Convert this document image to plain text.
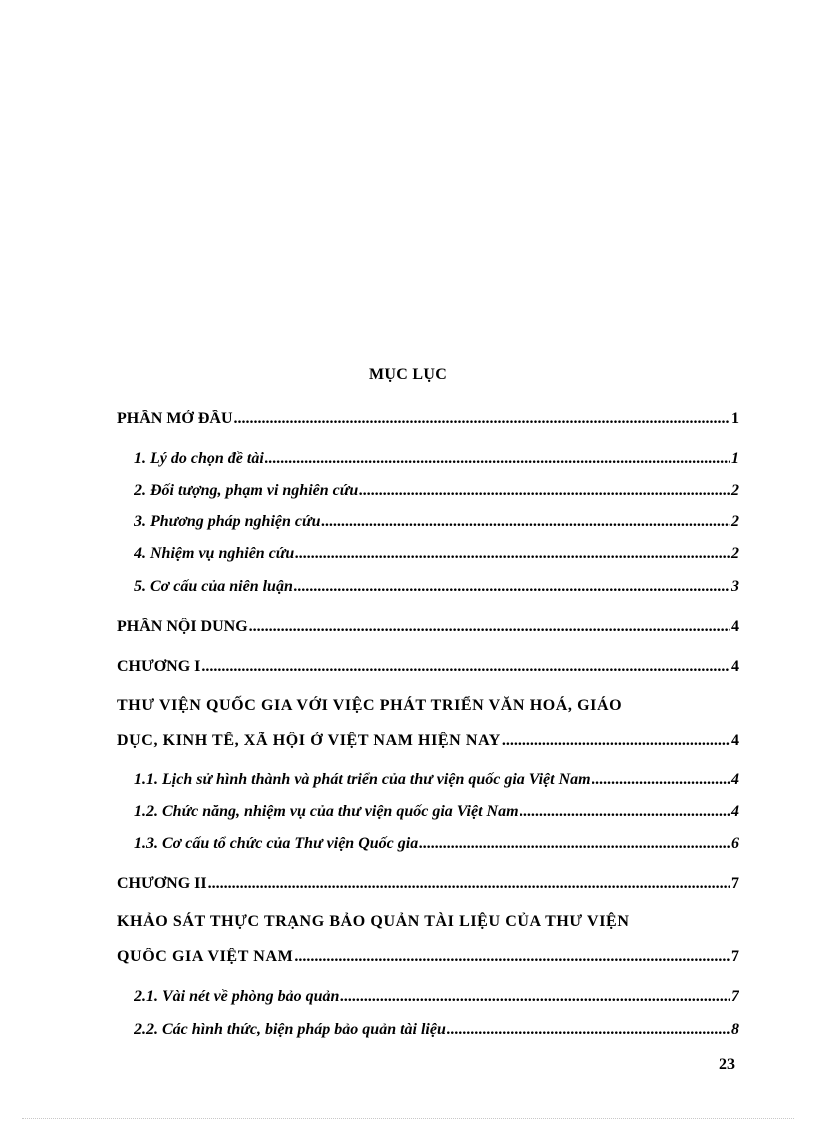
MỤC LỤC
PHẦN MỞ ĐẦU .....	1
1. Lý do chọn đề tài .....	1
2. Đối tượng, phạm vi nghiên cứu .....	2
3. Phương pháp nghiện cứu .....	2
4. Nhiệm vụ nghiên cứu .....	2
5. Cơ cấu của niên luận .....	3
PHẦN NỘI DUNG .....	4
CHƯƠNG I .....	4
THƯ VIỆN QUỐC GIA VỚI VIỆC PHÁT TRIỂN VĂN HOÁ, GIÁO
DỤC, KINH TẾ, XÃ HỘI Ở VIỆT NAM HIỆN NAY .....	4
1.1. Lịch sử hình thành và phát triển của thư viện quốc gia Việt Nam .....	4
1.2. Chức năng, nhiệm vụ của thư viện quốc gia Việt Nam .....	4
1.3. Cơ cấu tổ chức của Thư viện Quốc gia .....	6
CHƯƠNG II .....	7
KHẢO SÁT THỰC TRẠNG BẢO QUẢN TÀI LIỆU CỦA THƯ VIỆN
QUỐC GIA VIỆT NAM .....	7
2.1. Vài nét về phòng bảo quản .....	7
2.2. Các hình thức, biện pháp bảo quản tài liệu .....	8
23
